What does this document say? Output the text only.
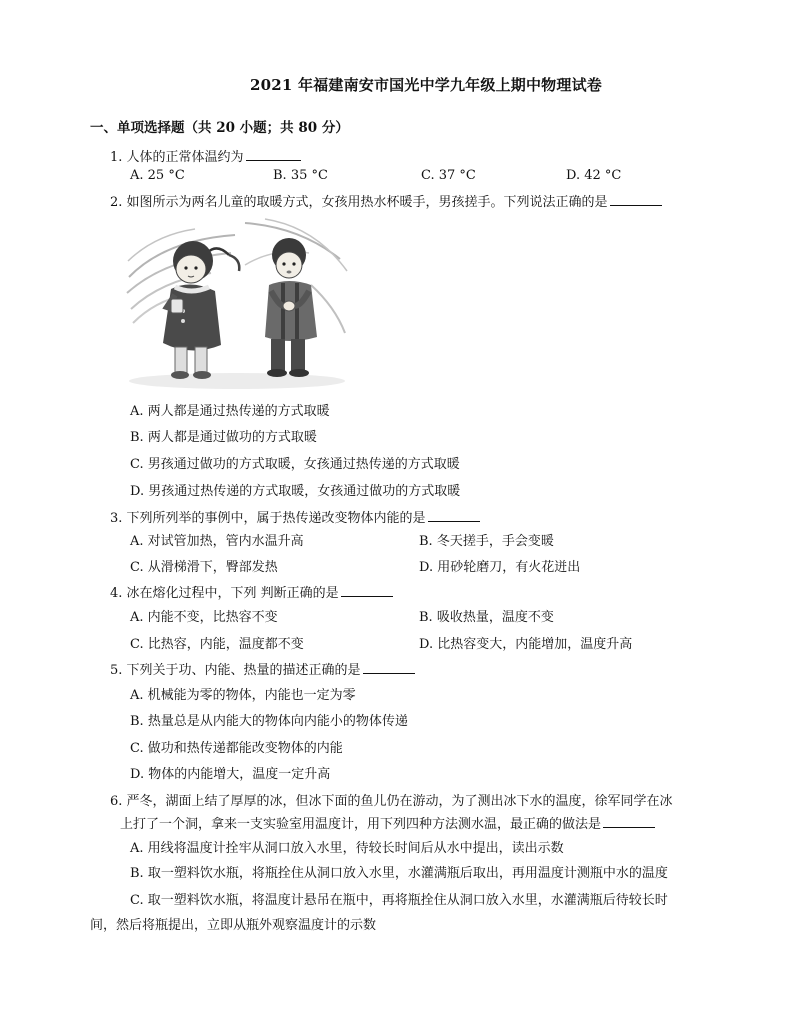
2021 年福建南安市国光中学九年级上期中物理试卷
一、单项选择题（共 20 小题；共 80 分）
1. 人体的正常体温约为
A. 25 °C	B. 35 °C	C. 37 °C	D. 42 °C
2. 如图所示为两名儿童的取暖方式，女孩用热水杯暖手，男孩搓手。下列说法正确的是
A. 两人都是通过热传递的方式取暖
B. 两人都是通过做功的方式取暖
C. 男孩通过做功的方式取暖，女孩通过热传递的方式取暖
D. 男孩通过热传递的方式取暖，女孩通过做功的方式取暖
3. 下列所列举的事例中，属于热传递改变物体内能的是
A. 对试管加热，管内水温升高	B. 冬天搓手，手会变暖
C. 从滑梯滑下，臀部发热	D. 用砂轮磨刀，有火花迸出
4. 冰在熔化过程中，下列 判断正确的是
A. 内能不变，比热容不变	B. 吸收热量，温度不变
C. 比热容，内能，温度都不变	D. 比热容变大，内能增加，温度升高
5. 下列关于功、内能、热量的描述正确的是
A. 机械能为零的物体，内能也一定为零
B. 热量总是从内能大的物体向内能小的物体传递
C. 做功和热传递都能改变物体的内能
D. 物体的内能增大，温度一定升高
6. 严冬，湖面上结了厚厚的冰，但冰下面的鱼儿仍在游动，为了测出冰下水的温度，徐军同学在冰
上打了一个洞，拿来一支实验室用温度计，用下列四种方法测水温，最正确的做法是
A. 用线将温度计拴牢从洞口放入水里，待较长时间后从水中提出，读出示数
B. 取一塑料饮水瓶，将瓶拴住从洞口放入水里，水灌满瓶后取出，再用温度计测瓶中水的温度
C. 取一塑料饮水瓶，将温度计悬吊在瓶中，再将瓶拴住从洞口放入水里，水灌满瓶后待较长时
间，然后将瓶提出，立即从瓶外观察温度计的示数
